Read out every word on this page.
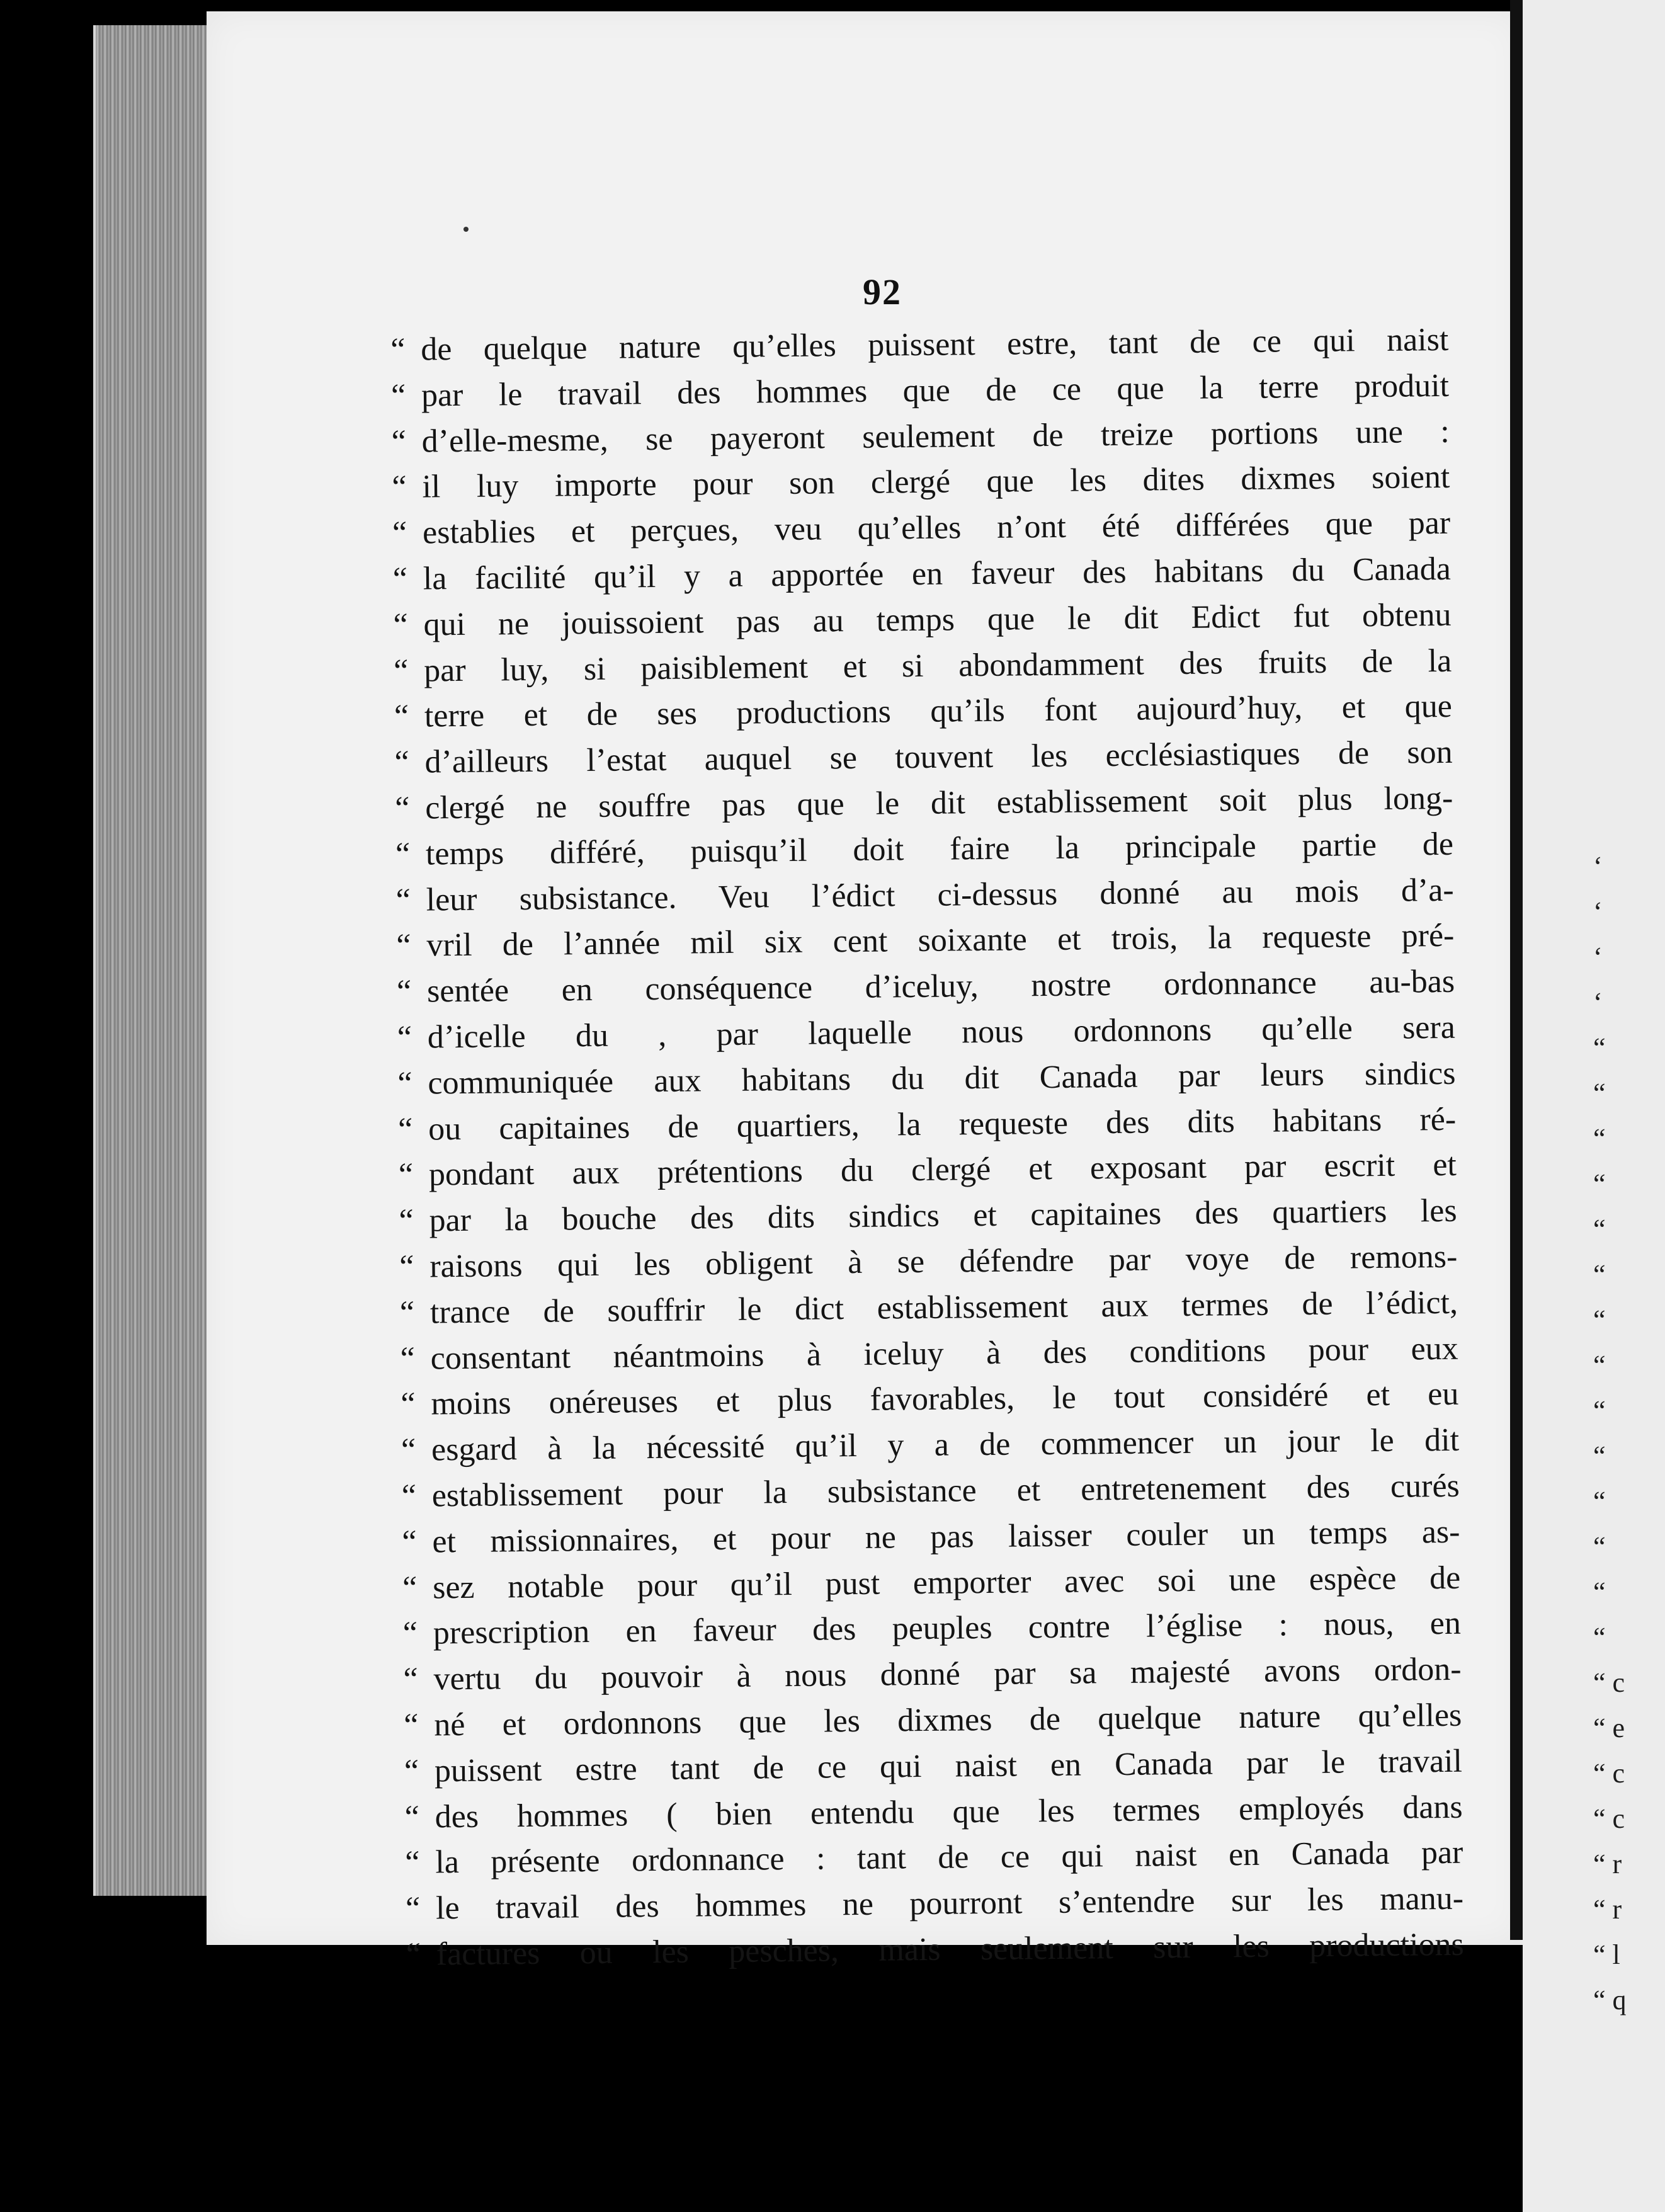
92
“ de quelque nature qu’elles puissent estre, tant de ce qui naist
“ par le travail des hommes que de ce que la terre produit
“ d’elle-mesme, se payeront seulement de treize portions une :
“ il luy importe pour son clergé que les dites dixmes soient
“ establies et perçues, veu qu’elles n’ont été différées que par
“ la facilité qu’il y a apportée en faveur des habitans du Canada
“ qui ne jouissoient pas au temps que le dit Edict fut obtenu
“ par luy, si paisiblement et si abondamment des fruits de la
“ terre et de ses productions qu’ils font aujourd’huy, et que
“ d’ailleurs l’estat auquel se touvent les ecclésiastiques de son
“ clergé ne souffre pas que le dit establissement soit plus long-
“ temps différé, puisqu’il doit faire la principale partie de
“ leur subsistance. Veu l’édict ci-dessus donné au mois d’a-
“ vril de l’année mil six cent soixante et trois, la requeste pré-
“ sentée en conséquence d’iceluy, nostre ordonnance au-bas
“ d’icelle du , par laquelle nous ordonnons qu’elle sera
“ communiquée aux habitans du dit Canada par leurs sindics
“ ou capitaines de quartiers, la requeste des dits habitans ré-
“ pondant aux prétentions du clergé et exposant par escrit et
“ par la bouche des dits sindics et capitaines des quartiers les
“ raisons qui les obligent à se défendre par voye de remons-
“ trance de souffrir le dict establissement aux termes de l’édict,
“ consentant néantmoins à iceluy à des conditions pour eux
“ moins onéreuses et plus favorables, le tout considéré et eu
“ esgard à la nécessité qu’il y a de commencer un jour le dit
“ establissement pour la subsistance et entretenement des curés
“ et missionnaires, et pour ne pas laisser couler un temps as-
“ sez notable pour qu’il pust emporter avec soi une espèce de
“ prescription en faveur des peuples contre l’église : nous, en
“ vertu du pouvoir à nous donné par sa majesté avons ordon-
“ né et ordonnons que les dixmes de quelque nature qu’elles
“ puissent estre tant de ce qui naist en Canada par le travail
“ des hommes ( bien entendu que les termes employés dans
“ la présente ordonnance : tant de ce qui naist en Canada par
“ le travail des hommes ne pourront s’entendre sur les manu-
“ factures ou les pesches, mais seulement sur les productions
‘
‘
‘
‘
“
“
“
“
“
“
“
“
“
“
“
“
“
“
“ c
“ e
“ c
“ c
“ r
“ r
“ l
“ q
